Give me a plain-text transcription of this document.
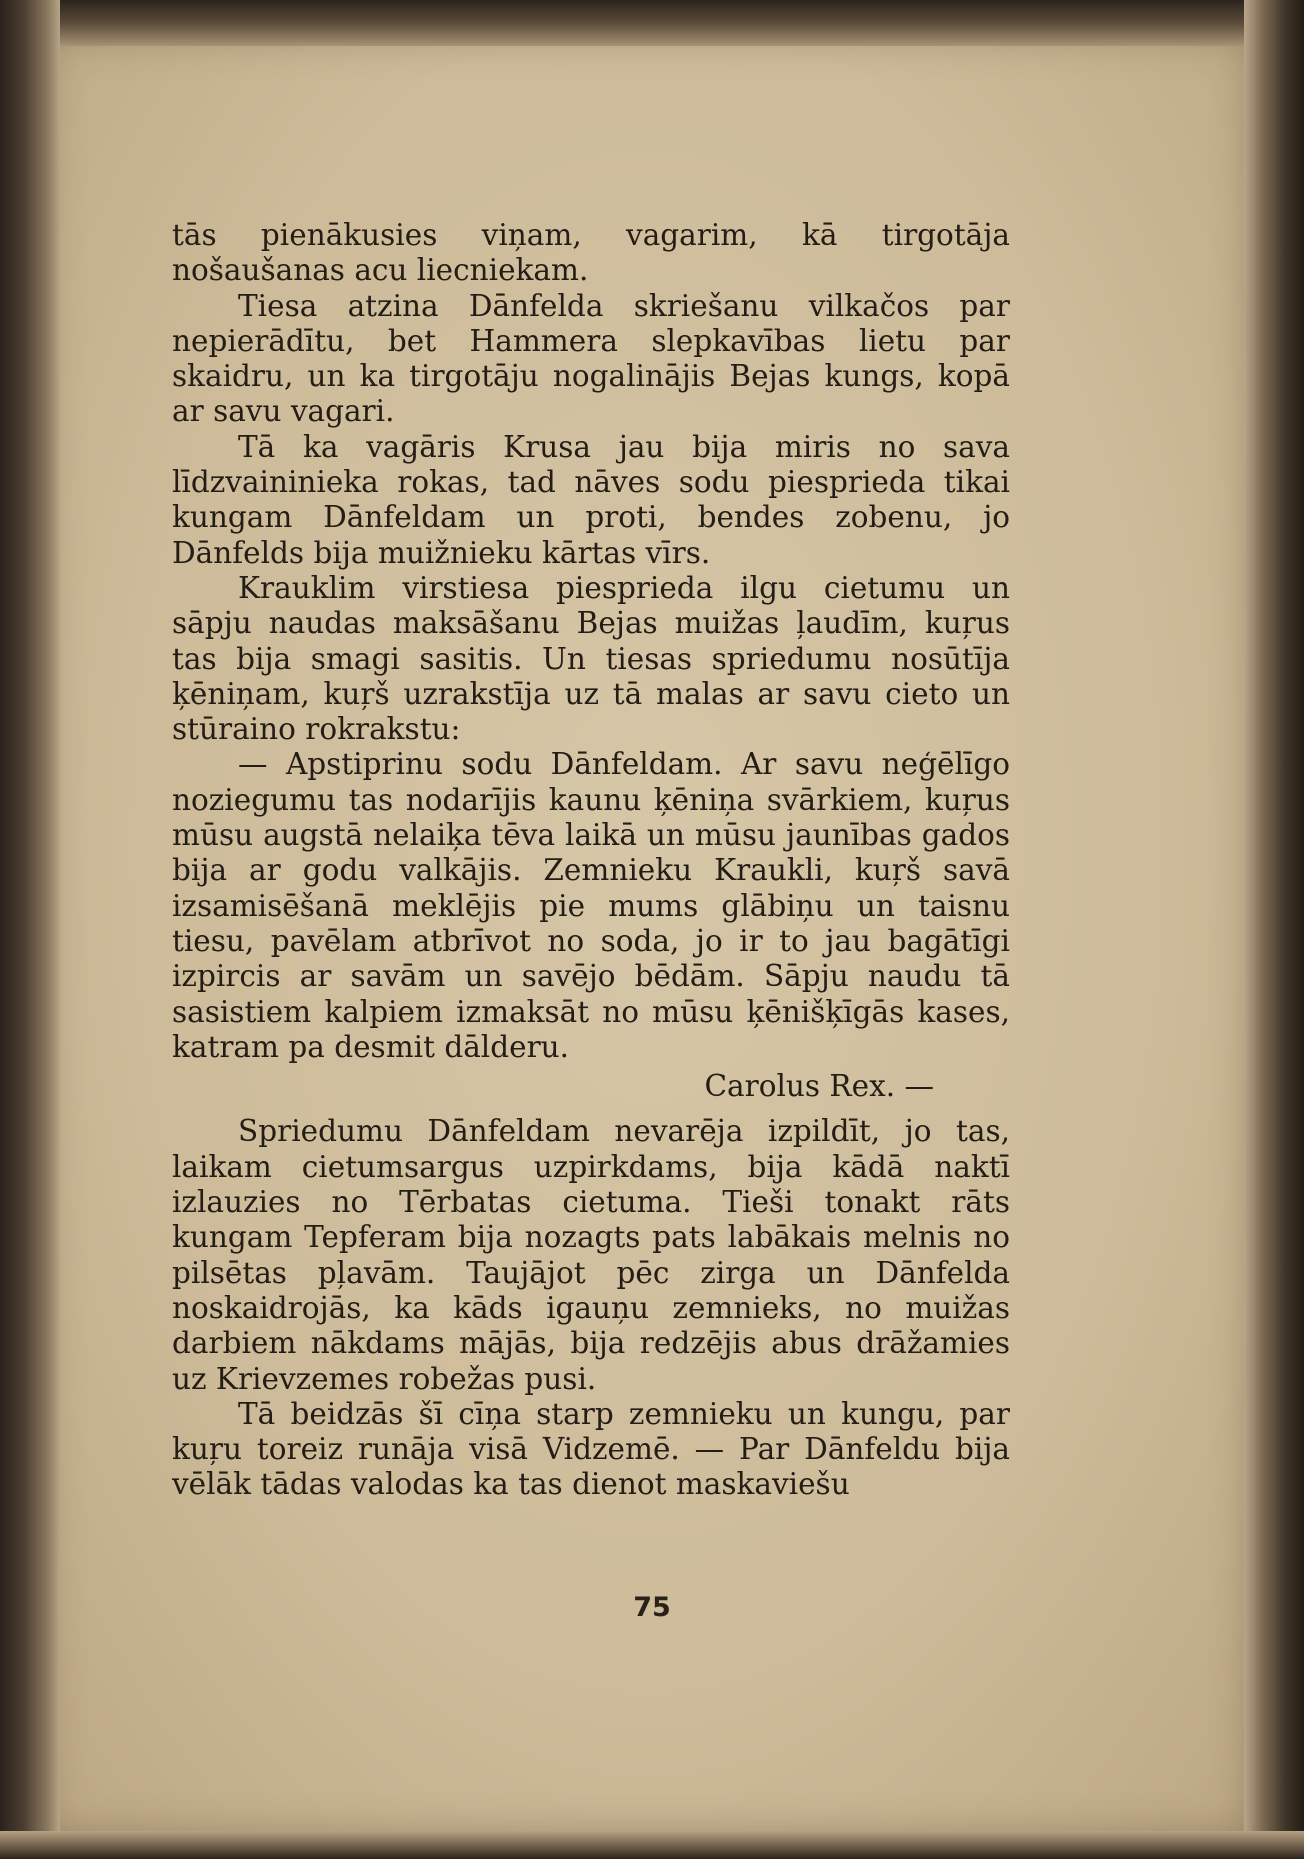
tās pienākusies viņam, vagarim, kā tirgotāja nošaušanas acu liecniekam.

Tiesa atzina Dānfelda skriešanu vilkačos par nepierādītu, bet Hammera slepkavības lietu par skaidru, un ka tirgotāju nogalinājis Bejas kungs, kopā ar savu vagari.

Tā ka vagāris Krusa jau bija miris no sava līdzvaininieka rokas, tad nāves sodu piesprieda tikai kungam Dānfeldam un proti, bendes zobenu, jo Dānfelds bija muižnieku kārtas vīrs.

Krauklim virstiesa piesprieda ilgu cietumu un sāpju naudas maksāšanu Bejas muižas ļaudīm, kuŗus tas bija smagi sasitis. Un tiesas spriedumu nosūtīja ķēniņam, kuŗš uzrakstīja uz tā malas ar savu cieto un stūraino rokrakstu:

— Apstiprinu sodu Dānfeldam. Ar savu neģēlīgo noziegumu tas nodarījis kaunu ķēniņa svārkiem, kuŗus mūsu augstā nelaiķa tēva laikā un mūsu jaunības gados bija ar godu valkājis. Zemnieku Kraukli, kuŗš savā izsamisēšanā meklējis pie mums glābiņu un taisnu tiesu, pavēlam atbrīvot no soda, jo ir to jau bagātīgi izpircis ar savām un savējo bēdām. Sāpju naudu tā sasistiem kalpiem izmaksāt no mūsu ķēnišķīgās kases, katram pa desmit dālderu.

Carolus Rex. —

Spriedumu Dānfeldam nevarēja izpildīt, jo tas, laikam cietumsargus uzpirkdams, bija kādā naktī izlauzies no Tērbatas cietuma. Tieši tonakt rāts kungam Tepferam bija nozagts pats labākais melnis no pilsētas pļavām. Taujājot pēc zirga un Dānfelda noskaidrojās, ka kāds igauņu zemnieks, no muižas darbiem nākdams mājās, bija redzējis abus drāžamies uz Krievzemes robežas pusi.

Tā beidzās šī cīņa starp zemnieku un kungu, par kuŗu toreiz runāja visā Vidzemē. — Par Dānfeldu bija vēlāk tādas valodas ka tas dienot maskaviešu

75
